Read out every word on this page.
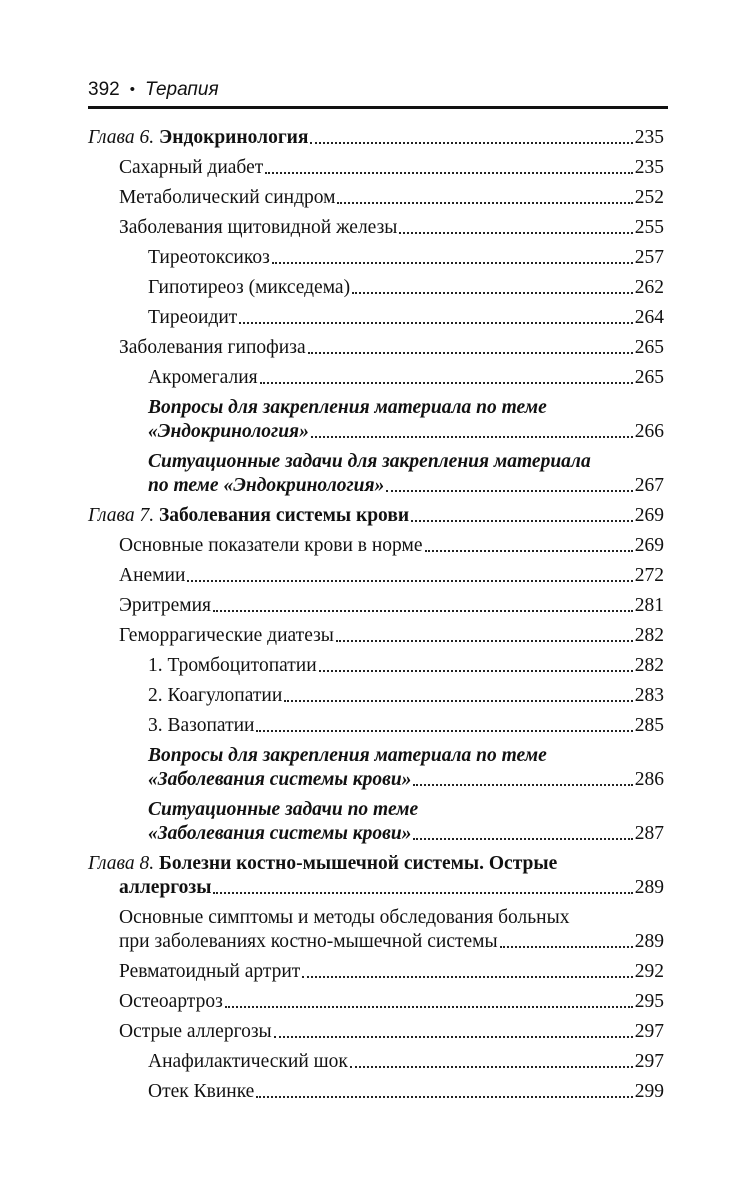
392 • Терапия
Глава 6. Эндокринология	235
Сахарный диабет	235
Метаболический синдром	252
Заболевания щитовидной железы	255
Тиреотоксикоз	257
Гипотиреоз (микседема)	262
Тиреоидит	264
Заболевания гипофиза	265
Акромегалия	265
Вопросы для закрепления материала по теме
«Эндокринология»	266
Ситуационные задачи для закрепления материала
по теме «Эндокринология»	267
Глава 7. Заболевания системы крови	269
Основные показатели крови в норме	269
Анемии	272
Эритремия	281
Геморрагические диатезы	282
1. Тромбоцитопатии	282
2. Коагулопатии	283
3. Вазопатии	285
Вопросы для закрепления материала по теме
«Заболевания системы крови»	286
Ситуационные задачи по теме
«Заболевания системы крови»	287
Глава 8. Болезни костно-мышечной системы. Острые
аллергозы	289
Основные симптомы и методы обследования больных
при заболеваниях костно-мышечной системы	289
Ревматоидный артрит	292
Остеоартроз	295
Острые аллергозы	297
Анафилактический шок	297
Отек Квинке	299
